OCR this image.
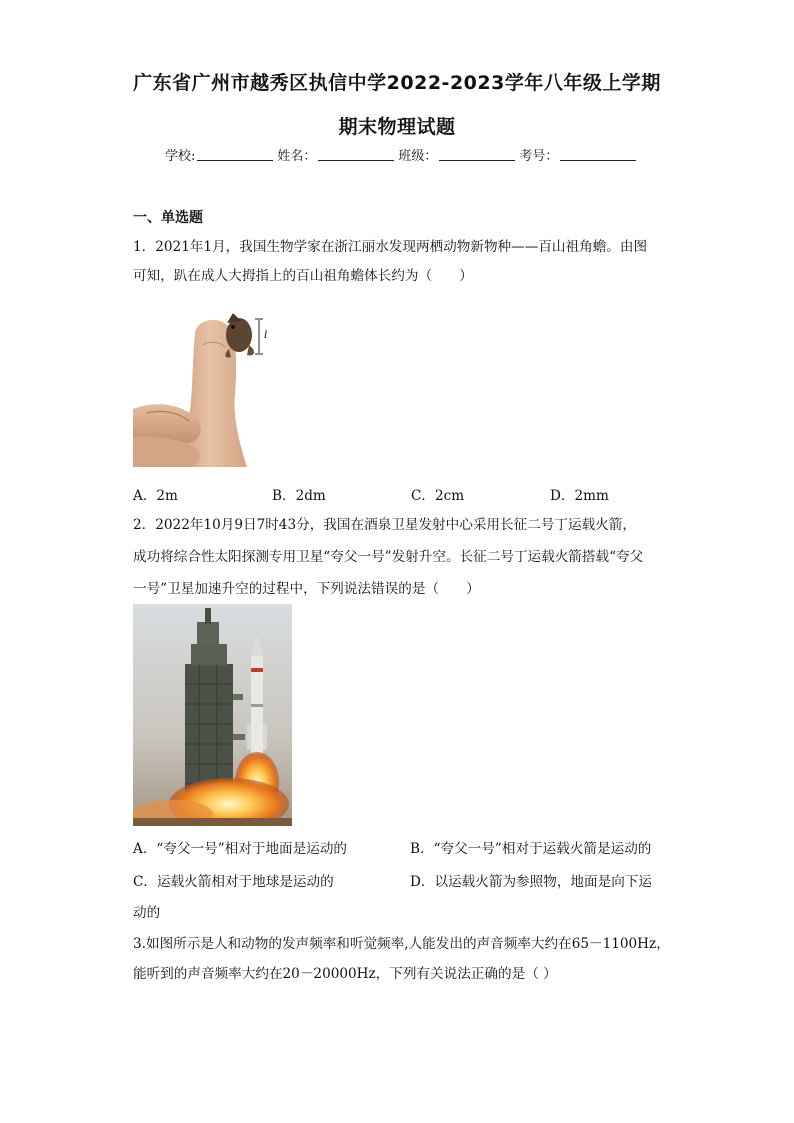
广东省广州市越秀区执信中学2022-2023学年八年级上学期
期末物理试题
学校:	姓名：	班级：	考号：
一、单选题
1．2021年1月，我国生物学家在浙江丽水发现两栖动物新物种——百山祖角蟾。由图
可知，趴在成人大拇指上的百山祖角蟾体长约为（　　）
l
A．2m	B．2dm	C．2cm	D．2mm
2．2022年10月9日7时43分，我国在酒泉卫星发射中心采用长征二号丁运载火箭，
成功将综合性太阳探测专用卫星“夸父一号”发射升空。长征二号丁运载火箭搭载“夸父
一号”卫星加速升空的过程中，下列说法错误的是（　　）
A．“夸父一号”相对于地面是运动的	B．“夸父一号”相对于运载火箭是运动的
C．运载火箭相对于地球是运动的	D．以运载火箭为参照物，地面是向下运
动的
3.如图所示是人和动物的发声频率和听觉频率,人能发出的声音频率大约在65－1100Hz，
能听到的声音频率大约在20－20000Hz，下列有关说法正确的是（ ）
